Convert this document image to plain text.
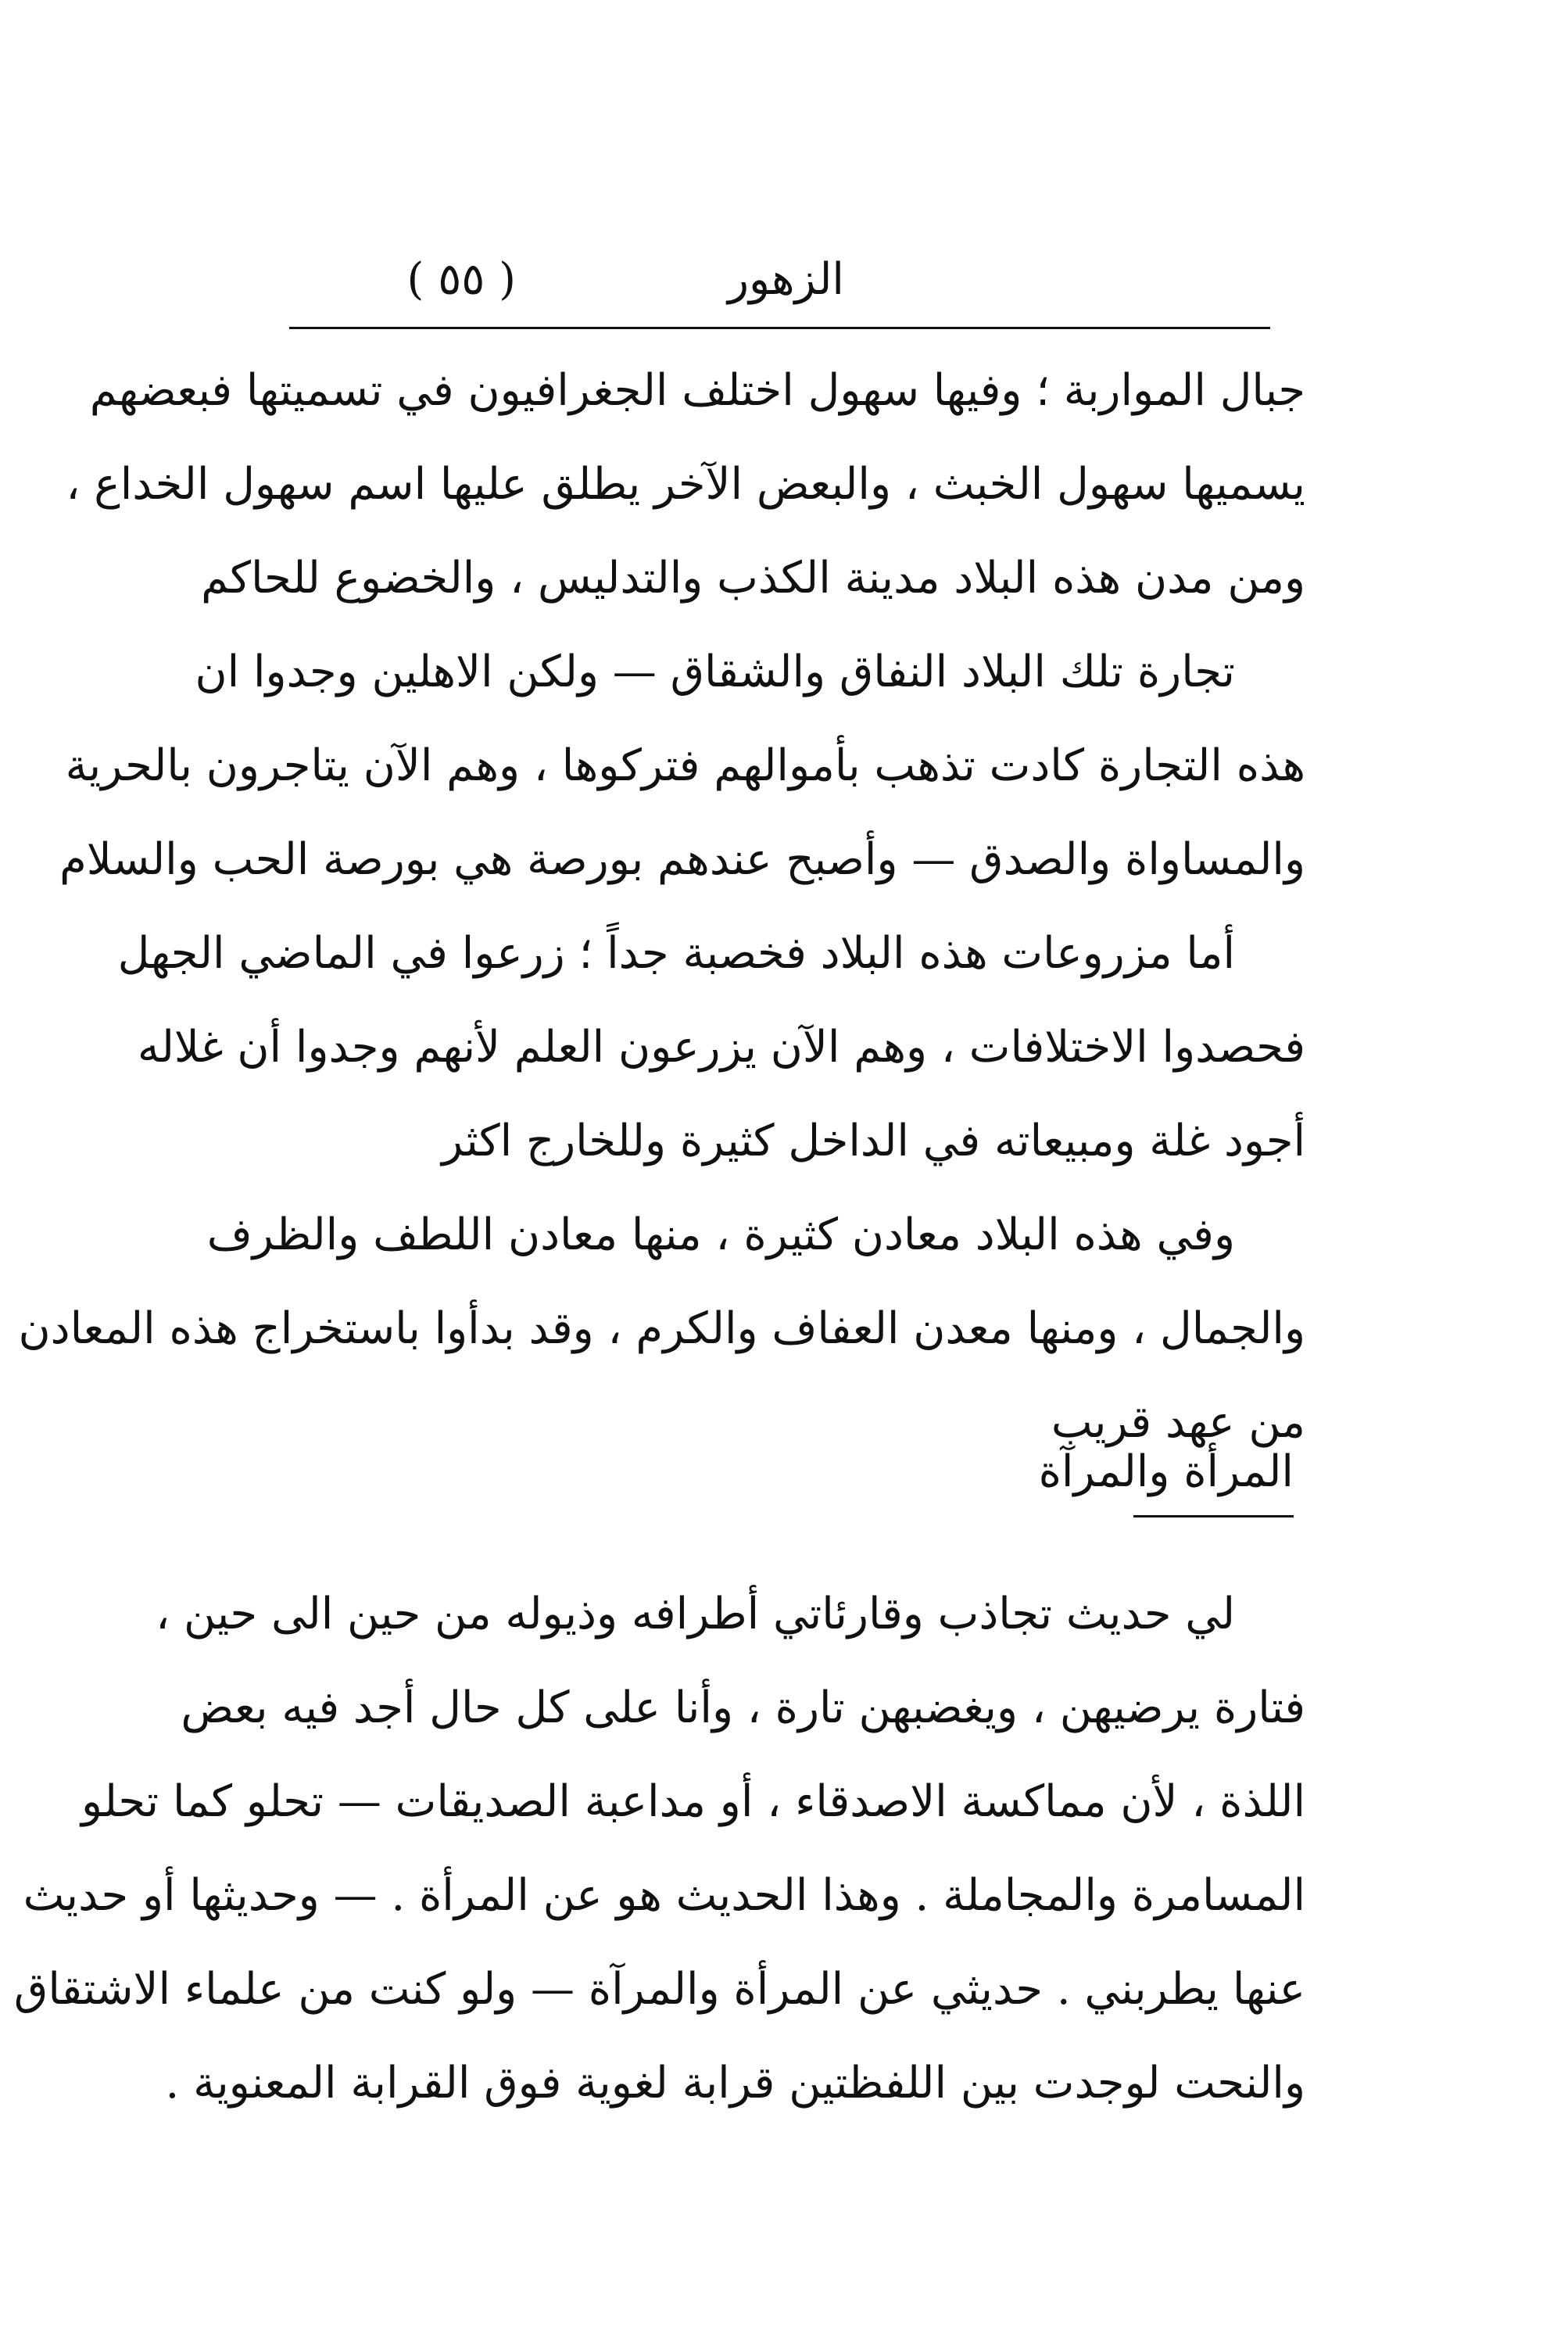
الزهور
( ٥٥ )
جبال المواربة ؛ وفيها سهول اختلف الجغرافيون في تسميتها فبعضهم
يسميها سهول الخبث ، والبعض الآخر يطلق عليها اسم سهول الخداع ،
ومن مدن هذه البلاد مدينة الكذب والتدليس ، والخضوع للحاكم
تجارة تلك البلاد النفاق والشقاق — ولكن الاهلين وجدوا ان
هذه التجارة كادت تذهب بأموالهم فتركوها ، وهم الآن يتاجرون بالحرية
والمساواة والصدق — وأصبح عندهم بورصة هي بورصة الحب والسلام
أما مزروعات هذه البلاد فخصبة جداً ؛ زرعوا في الماضي الجهل
فحصدوا الاختلافات ، وهم الآن يزرعون العلم لأنهم وجدوا أن غلاله
أجود غلة ومبيعاته في الداخل كثيرة وللخارج اكثر
وفي هذه البلاد معادن كثيرة ، منها معادن اللطف والظرف
والجمال ، ومنها معدن العفاف والكرم ، وقد بدأوا باستخراج هذه المعادن
من عهد قريب
المرأة والمرآة
لي حديث تجاذب وقارئاتي أطرافه وذيوله من حين الى حين ،
فتارة يرضيهن ، ويغضبهن تارة ، وأنا على كل حال أجد فيه بعض
اللذة ، لأن مماكسة الاصدقاء ، أو مداعبة الصديقات — تحلو كما تحلو
المسامرة والمجاملة . وهذا الحديث هو عن المرأة . — وحديثها أو حديث
عنها يطربني . حديثي عن المرأة والمرآة — ولو كنت من علماء الاشتقاق
والنحت لوجدت بين اللفظتين قرابة لغوية فوق القرابة المعنوية .
